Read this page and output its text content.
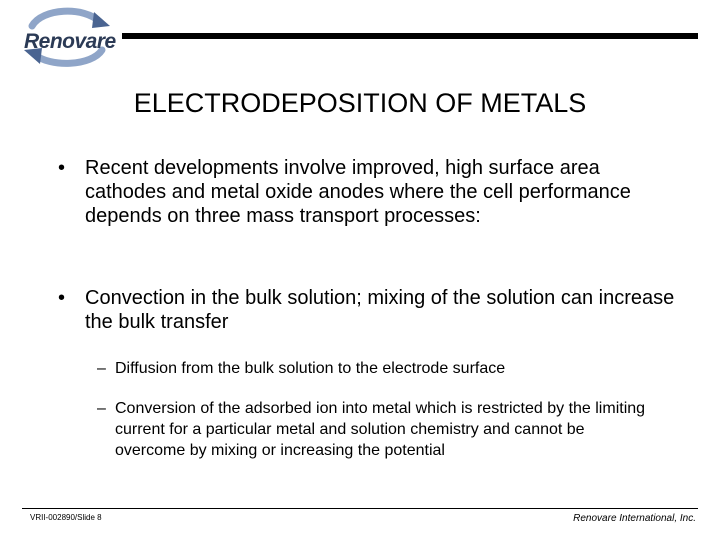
Renovare
ELECTRODEPOSITION OF METALS
• Recent developments involve improved, high surface area cathodes and metal oxide anodes where the cell performance depends on three mass transport processes:
• Convection in the bulk solution; mixing of the solution can increase the bulk transfer
– Diffusion from the bulk solution to the electrode surface
– Conversion of the adsorbed ion into metal which is restricted by the limiting current for a particular metal and solution chemistry and cannot be overcome by mixing or increasing the potential
VRII-002890/Slide 8	Renovare International, Inc.
